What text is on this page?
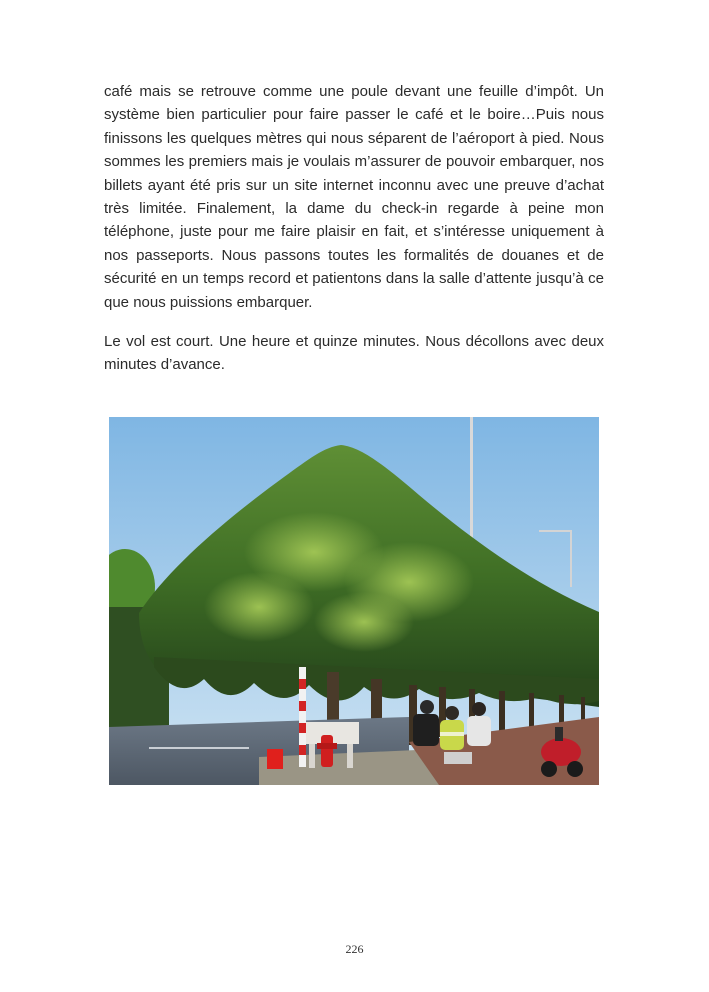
café mais se retrouve comme une poule devant une feuille d’impôt. Un système bien particulier pour faire passer le café et le boire…Puis nous finissons les quelques mètres qui nous séparent de l’aéroport à pied. Nous sommes les premiers mais je voulais m’assurer de pouvoir embarquer, nos billets ayant été pris sur un site internet inconnu avec une preuve d’achat très limitée. Finalement, la dame du check-in regarde à peine mon téléphone, juste pour me faire plaisir en fait, et s’intéresse uniquement à nos passeports. Nous passons toutes les formalités de douanes et de sécurité en un temps record et patientons dans la salle d’attente jusqu’à ce que nous puissions embarquer.

Le vol est court. Une heure et quinze minutes. Nous décollons avec deux minutes d’avance.

226
